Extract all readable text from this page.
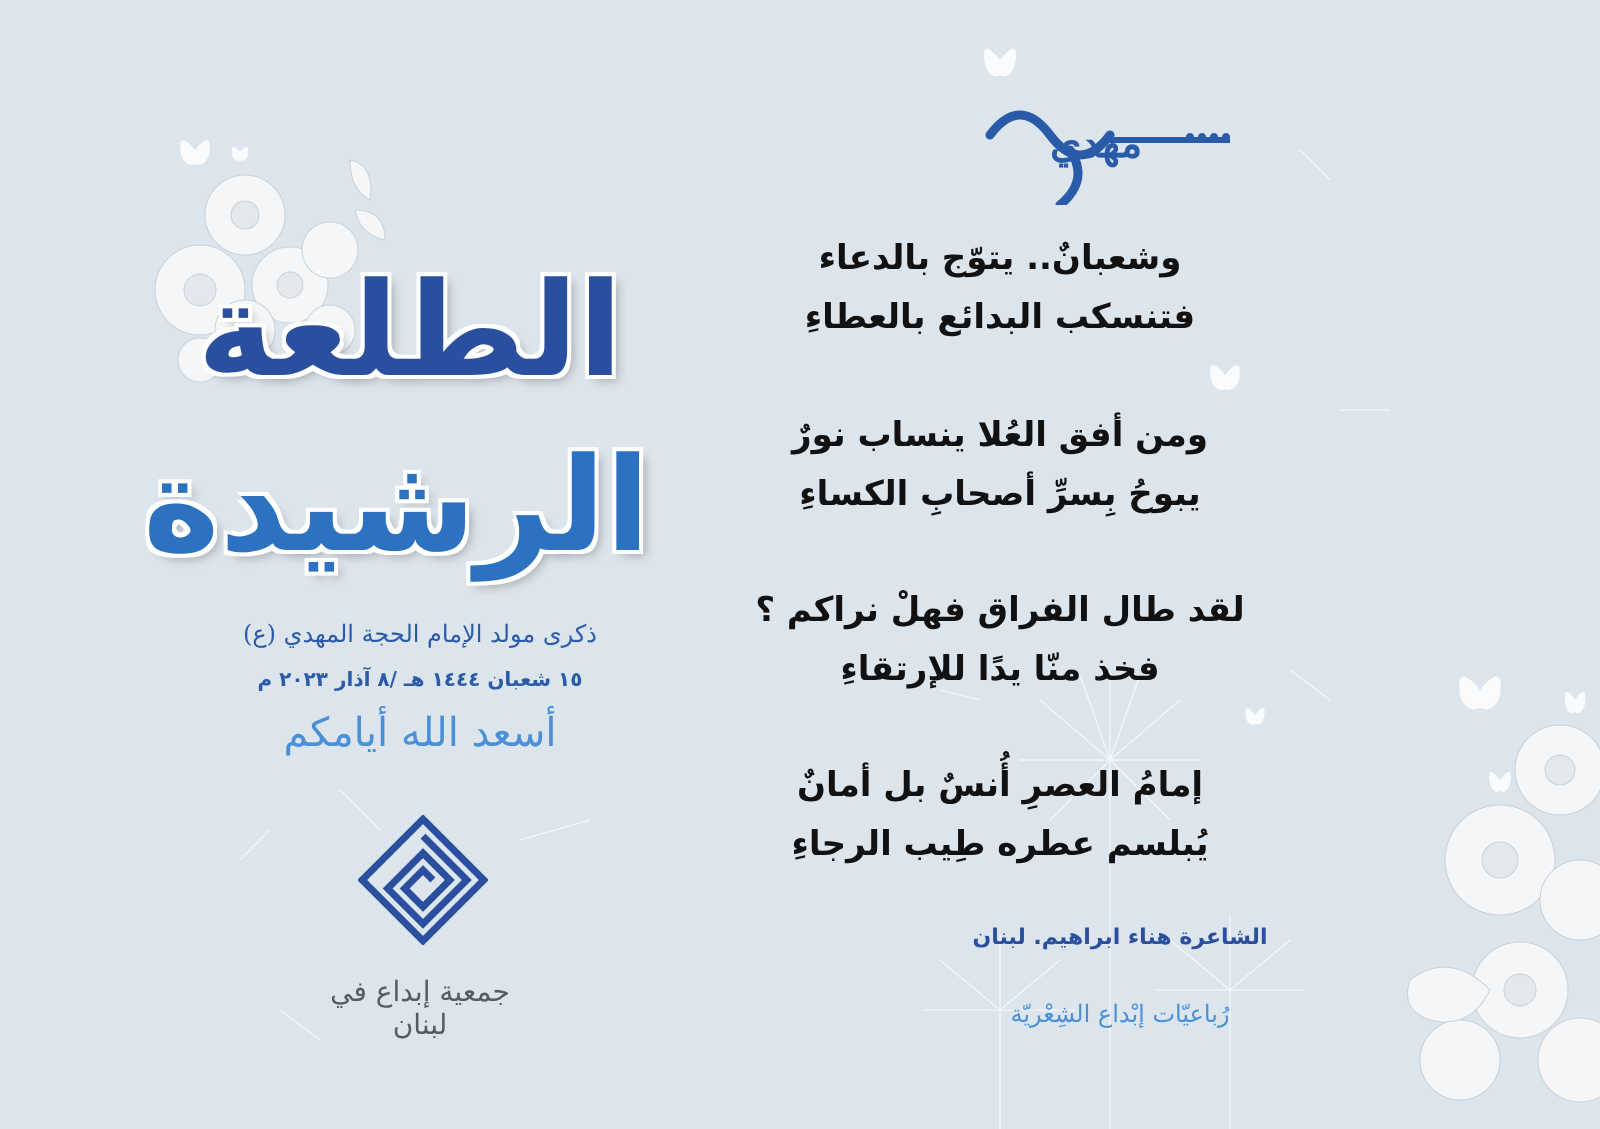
الطلعة
الرشيدة
ذكرى مولد الإمام الحجة المهدي (ع)
١٥ شعبان ١٤٤٤ هـ /٨ آذار ٢٠٢٣ م
أسعد الله أيامكم
جمعية إبداع في لبنان
مهدي
وشعبانٌ.. يتوّج بالدعاء
فتنسكب البدائع بالعطاءِ
ومن أفق العُلا ينساب نورٌ
يبوحُ بِسرِّ أصحابِ الكساءِ
لقد طال الفراق فهلْ نراكم ؟
فخذ منّا يدًا للإرتقاءِ
إمامُ العصرِ أُنسٌ بل أمانٌ
يُبلسم عطره طِيب الرجاءِ
الشاعرة هناء ابراهيم. لبنان
رُباعيّات إبْداع الشِعْريّة
